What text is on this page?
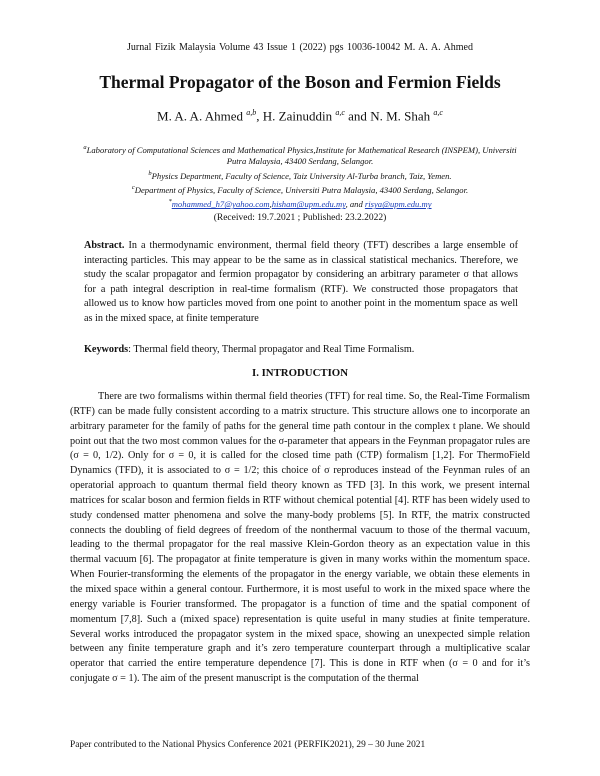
Jurnal Fizik Malaysia Volume 43 Issue 1 (2022) pgs 10036-10042 M. A. A. Ahmed
Thermal Propagator of the Boson and Fermion Fields
M. A. A. Ahmed $^{a,b}$, H. Zainuddin $^{a,c}$ and N. M. Shah $^{a,c}$
$^a$Laboratory of Computational Sciences and Mathematical Physics,Institute for Mathematical Research (INSPEM), Universiti Putra Malaysia, 43400 Serdang, Selangor.
$^b$Physics Department, Faculty of Science, Taiz University Al-Turba branch, Taiz, Yemen.
$^c$Department of Physics, Faculty of Science, Universiti Putra Malaysia, 43400 Serdang, Selangor.
*mohammed_h7@yahoo.com,hisham@upm.edu.my, and risya@upm.edu.my
(Received: 19.7.2021 ; Published: 23.2.2022)
Abstract. In a thermodynamic environment, thermal field theory (TFT) describes a large ensemble of interacting particles. This may appear to be the same as in classical statistical mechanics. Therefore, we study the scalar propagator and fermion propagator by considering an arbitrary parameter σ that allows for a path integral description in real-time formalism (RTF). We constructed those propagators that allowed us to know how particles moved from one point to another point in the momentum space as well as in the mixed space, at finite temperature
Keywords: Thermal field theory, Thermal propagator and Real Time Formalism.
I. INTRODUCTION

There are two formalisms within thermal field theories (TFT) for real time. So, the Real-Time Formalism (RTF) can be made fully consistent according to a matrix structure. This structure allows one to incorporate an arbitrary parameter for the family of paths for the general time path contour in the complex t plane. We should point out that the two most common values for the σ-parameter that appears in the Feynman propagator rules are (σ = 0, 1/2). Only for σ = 0, it is called for the closed time path (CTP) formalism [1,2]. For ThermoField Dynamics (TFD), it is associated to σ = 1/2; this choice of σ reproduces instead of the Feynman rules of an operatorial approach to quantum thermal field theory known as TFD [3]. In this work, we present internal matrices for scalar boson and fermion fields in RTF without chemical potential [4]. RTF has been widely used to study condensed matter phenomena and solve the many-body problems [5]. In RTF, the matrix constructed connects the doubling of field degrees of freedom of the nonthermal vacuum to those of the thermal vacuum, leading to the thermal propagator for the real massive Klein-Gordon theory as an expectation value in this thermal vacuum [6]. The propagator at finite temperature is given in many works within the momentum space. When Fourier-transforming the elements of the propagator in the energy variable, we obtain these elements in the mixed space within a general contour. Furthermore, it is most useful to work in the mixed space where the energy variable is Fourier transformed. The propagator is a function of time and the spatial component of momentum [7,8]. Such a (mixed space) representation is quite useful in many studies at finite temperature. Several works introduced the propagator system in the mixed space, showing an unexpected simple relation between any finite temperature graph and it’s zero temperature counterpart through a multiplicative scalar operator that carried the entire temperature dependence [7]. This is done in RTF when (σ = 0 and for it’s conjugate σ = 1). The aim of the present manuscript is the computation of the thermal

Paper contributed to the National Physics Conference 2021 (PERFIK2021), 29 – 30 June 2021
